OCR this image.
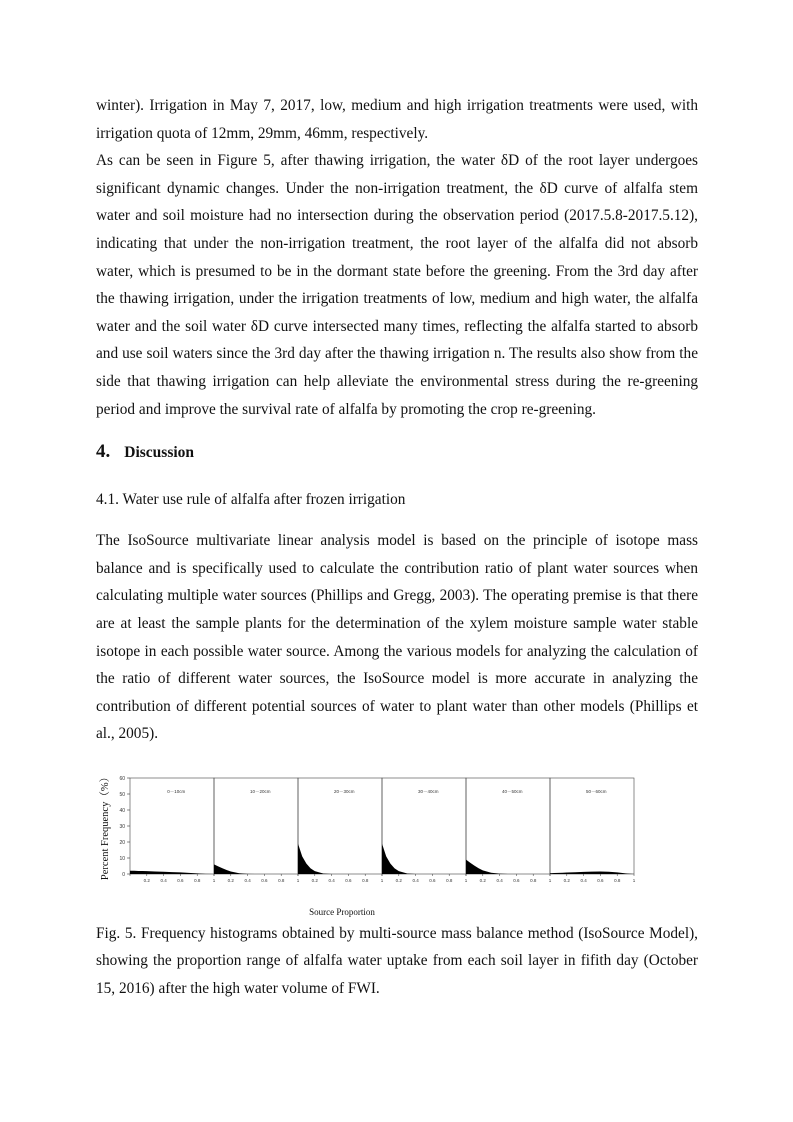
winter). Irrigation in May 7, 2017, low, medium and high irrigation treatments were used, with irrigation quota of 12mm, 29mm, 46mm, respectively.

As can be seen in Figure 5, after thawing irrigation, the water δD of the root layer undergoes significant dynamic changes. Under the non-irrigation treatment, the δD curve of alfalfa stem water and soil moisture had no intersection during the observation period (2017.5.8-2017.5.12), indicating that under the non-irrigation treatment, the root layer of the alfalfa did not absorb water, which is presumed to be in the dormant state before the greening. From the 3rd day after the thawing irrigation, under the irrigation treatments of low, medium and high water, the alfalfa water and the soil water δD curve intersected many times, reflecting the alfalfa started to absorb and use soil waters since the 3rd day after the thawing irrigation n. The results also show from the side that thawing irrigation can help alleviate the environmental stress during the re-greening period and improve the survival rate of alfalfa by promoting the crop re-greening.

4. Discussion
4.1. Water use rule of alfalfa after frozen irrigation

The IsoSource multivariate linear analysis model is based on the principle of isotope mass balance and is specifically used to calculate the contribution ratio of plant water sources when calculating multiple water sources (Phillips and Gregg, 2003). The operating premise is that there are at least the sample plants for the determination of the xylem moisture sample water stable isotope in each possible water source. Among the various models for analyzing the calculation of the ratio of different water sources, the IsoSource model is more accurate in analyzing the contribution of different potential sources of water to plant water than other models (Phillips et al., 2005).

0
10
20
30
40
50
60
Percent Frequency（%）	0－10cm
0.2 0.4 0.6 0.8	1
10－20cm
0.2 0.4 0.6 0.8	1
20－30cm
0.2 0.4 0.6 0.8	1
30－40cm
0.2 0.4 0.6 0.8	1
40－50cm
0.2 0.4 0.6 0.8	1
50－60cm
0.2 0.4 0.6 0.8	1
Source Proportion

Fig. 5. Frequency histograms obtained by multi-source mass balance method (IsoSource Model), showing the proportion range of alfalfa water uptake from each soil layer in fifith day (October 15, 2016) after the high water volume of FWI.
